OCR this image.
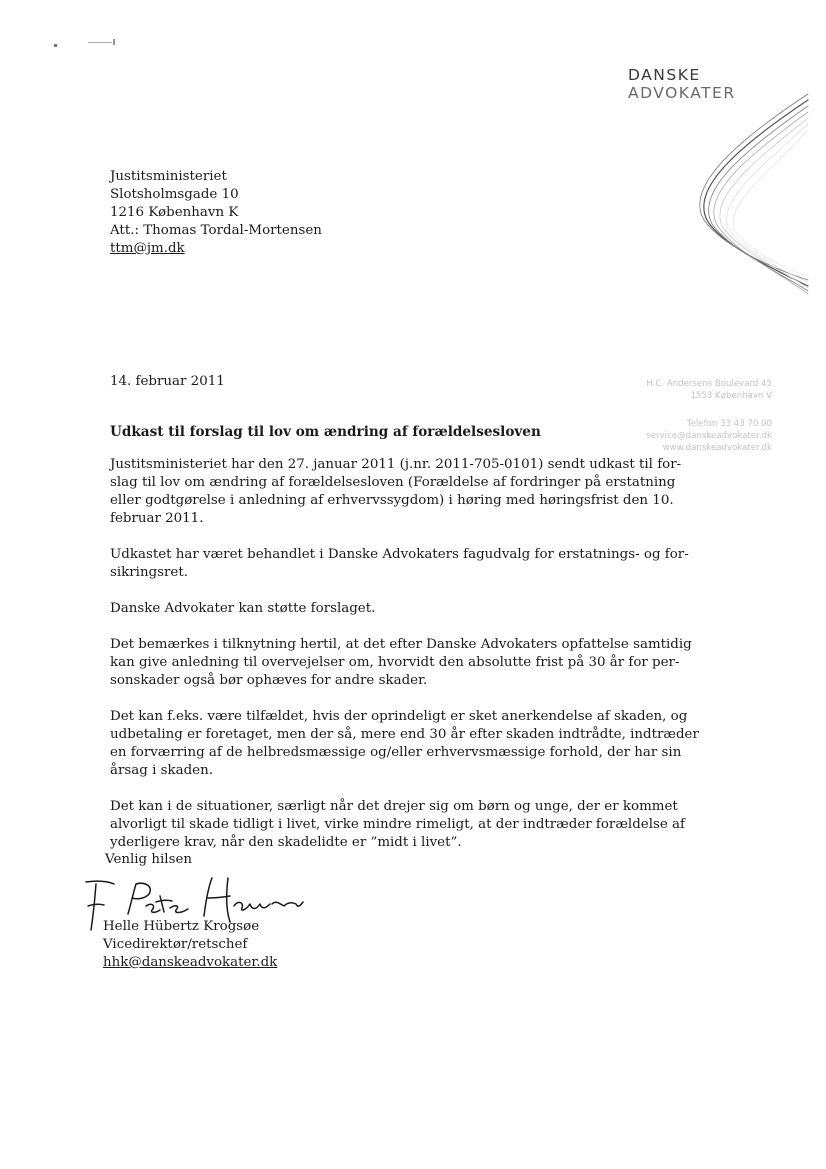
DANSKE
ADVOKATER
Justitsministeriet
Slotsholmsgade 10
1216 København K
Att.: Thomas Tordal-Mortensen
ttm@jm.dk
H.C. Andersens Boulevard 45
1553 København V
Telefon 33 43 70 00
service@danskeadvokater.dk
www.danskeadvokater.dk
14. februar 2011
Udkast til forslag til lov om ændring af forældelsesloven

Justitsministeriet har den 27. januar 2011 (j.nr. 2011-705-0101) sendt udkast til for-
slag til lov om ændring af forældelsesloven (Forældelse af fordringer på erstatning
eller godtgørelse i anledning af erhvervssygdom) i høring med høringsfrist den 10.
februar 2011.

Udkastet har været behandlet i Danske Advokaters fagudvalg for erstatnings- og for-
sikringsret.

Danske Advokater kan støtte forslaget.

Det bemærkes i tilknytning hertil, at det efter Danske Advokaters opfattelse samtidig
kan give anledning til overvejelser om, hvorvidt den absolutte frist på 30 år for per-
sonskader også bør ophæves for andre skader.

Det kan f.eks. være tilfældet, hvis der oprindeligt er sket anerkendelse af skaden, og
udbetaling er foretaget, men der så, mere end 30 år efter skaden indtrådte, indtræder
en forværring af de helbredsmæssige og/eller erhvervsmæssige forhold, der har sin
årsag i skaden.

Det kan i de situationer, særligt når det drejer sig om børn og unge, der er kommet
alvorligt til skade tidligt i livet, virke mindre rimeligt, at der indtræder forældelse af
yderligere krav, når den skadelidte er ”midt i livet”.

Venlig hilsen
Helle Hübertz Krogsøe
Vicedirektør/retschef
hhk@danskeadvokater.dk
